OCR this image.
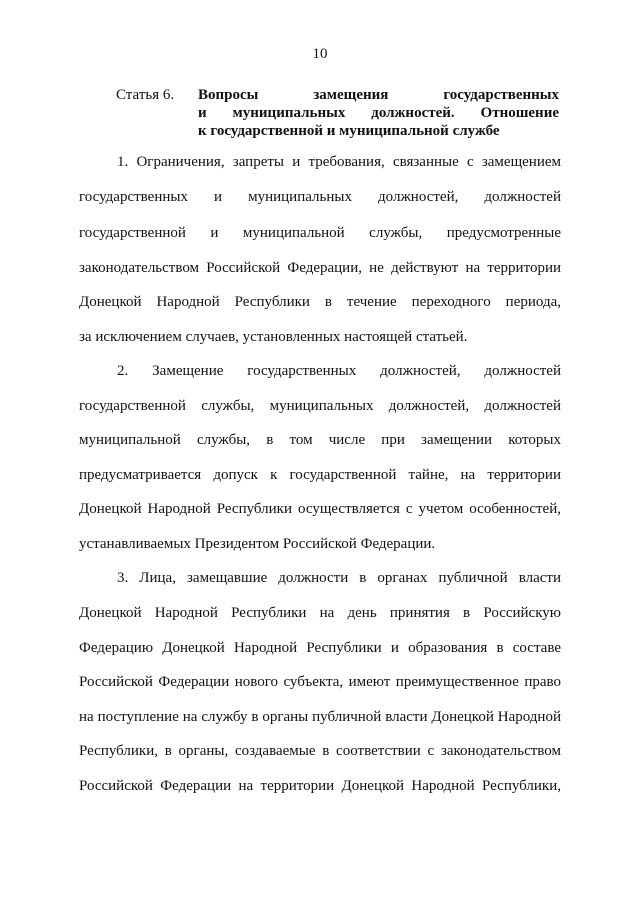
10
Статья 6. Вопросы замещения государственных
и муниципальных должностей. Отношение
к государственной и муниципальной службе
1. Ограничения, запреты и требования, связанные с замещением
государственных и муниципальных должностей, должностей
государственной и муниципальной службы, предусмотренные
законодательством Российской Федерации, не действуют на территории
Донецкой Народной Республики в течение переходного периода,
за исключением случаев, установленных настоящей статьей.
2. Замещение государственных должностей, должностей
государственной службы, муниципальных должностей, должностей
муниципальной службы, в том числе при замещении которых
предусматривается допуск к государственной тайне, на территории
Донецкой Народной Республики осуществляется с учетом особенностей,
устанавливаемых Президентом Российской Федерации.
3. Лица, замещавшие должности в органах публичной власти
Донецкой Народной Республики на день принятия в Российскую
Федерацию Донецкой Народной Республики и образования в составе
Российской Федерации нового субъекта, имеют преимущественное право
на поступление на службу в органы публичной власти Донецкой Народной
Республики, в органы, создаваемые в соответствии с законодательством
Российской Федерации на территории Донецкой Народной Республики,
